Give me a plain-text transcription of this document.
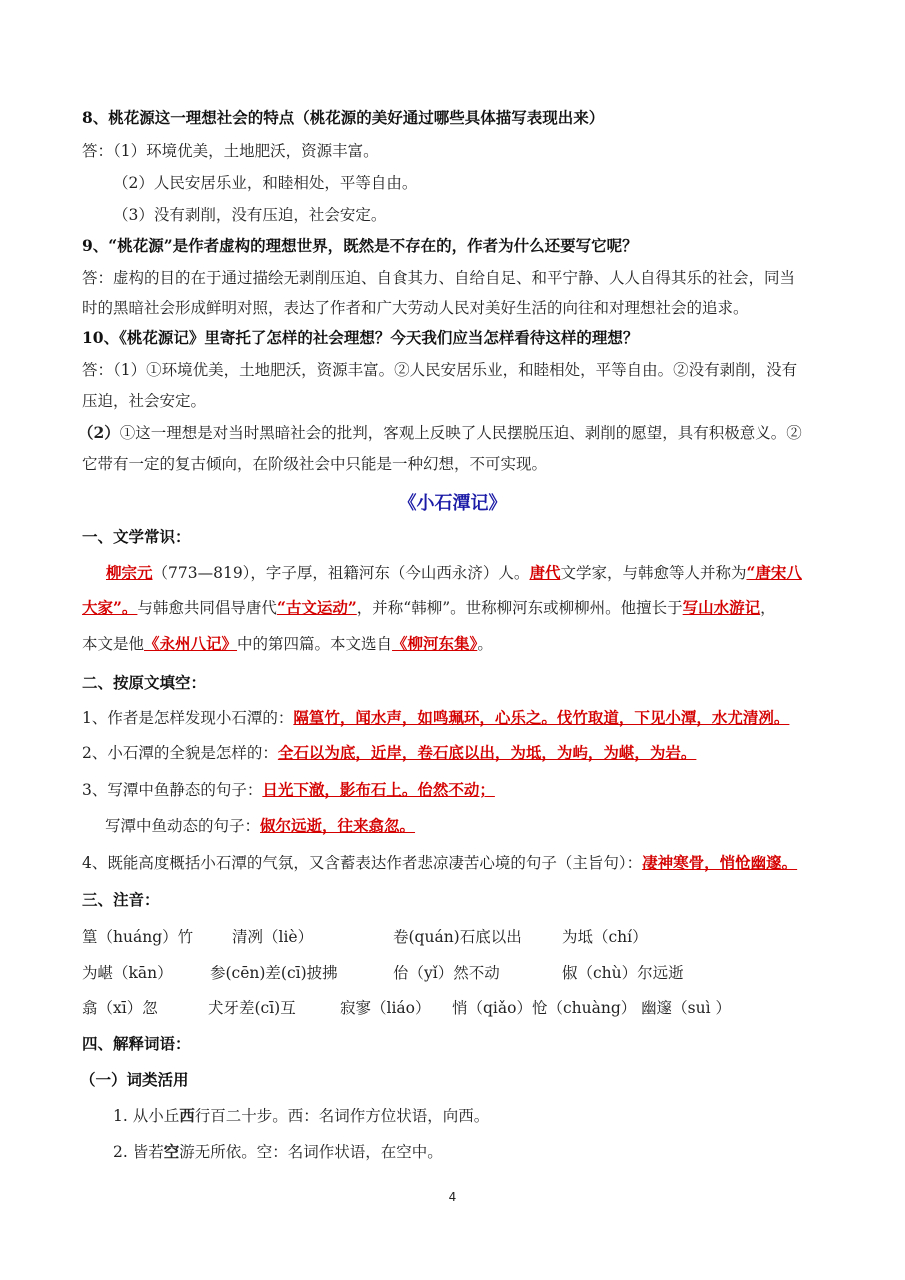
8、桃花源这一理想社会的特点（桃花源的美好通过哪些具体描写表现出来）
答：（1）环境优美，土地肥沃，资源丰富。
（2）人民安居乐业，和睦相处，平等自由。
（3）没有剥削，没有压迫，社会安定。
9、“桃花源”是作者虚构的理想世界，既然是不存在的，作者为什么还要写它呢？
答：虚构的目的在于通过描绘无剥削压迫、自食其力、自给自足、和平宁静、人人自得其乐的社会，同当
时的黑暗社会形成鲜明对照，表达了作者和广大劳动人民对美好生活的向往和对理想社会的追求。
10、《桃花源记》里寄托了怎样的社会理想？今天我们应当怎样看待这样的理想？
答：（1）①环境优美，土地肥沃，资源丰富。②人民安居乐业，和睦相处，平等自由。②没有剥削，没有
压迫，社会安定。
（2）①这一理想是对当时黑暗社会的批判，客观上反映了人民摆脱压迫、剥削的愿望，具有积极意义。②
它带有一定的复古倾向，在阶级社会中只能是一种幻想，不可实现。
《小石潭记》
一、文学常识：
柳宗元（773—819），字子厚，祖籍河东（今山西永济）人。唐代文学家，与韩愈等人并称为“唐宋八
大家”。与韩愈共同倡导唐代“古文运动”，并称“韩柳”。世称柳河东或柳柳州。他擅长于写山水游记，
本文是他《永州八记》中的第四篇。本文选自《柳河东集》。
二、按原文填空：
1、作者是怎样发现小石潭的：隔篁竹，闻水声，如鸣珮环，心乐之。伐竹取道，下见小潭，水尤清冽。
2、小石潭的全貌是怎样的：全石以为底，近岸，卷石底以出，为坻，为屿，为嵁，为岩。
3、写潭中鱼静态的句子：日光下澈，影布石上。佁然不动；
写潭中鱼动态的句子：俶尔远逝，往来翕忽。
4、既能高度概括小石潭的气氛，又含蓄表达作者悲凉凄苦心境的句子（主旨句）：凄神寒骨，悄怆幽邃。
三、注音：
篁（huáng）竹	清冽（liè）	卷(quán)石底以出	为坻（chí）
为嵁（kān） 参(cēn)差(cī)披拂	佁（yǐ）然不动	俶（chù）尔远逝
翕（xī）忽	犬牙差(cī)互	寂寥（liáo） 悄（qiǎo）怆（chuàng） 幽邃（suì ）
四、解释词语：
（一）词类活用
1. 从小丘西行百二十步。西：名词作方位状语，向西。
2. 皆若空游无所依。空：名词作状语，在空中。
4
